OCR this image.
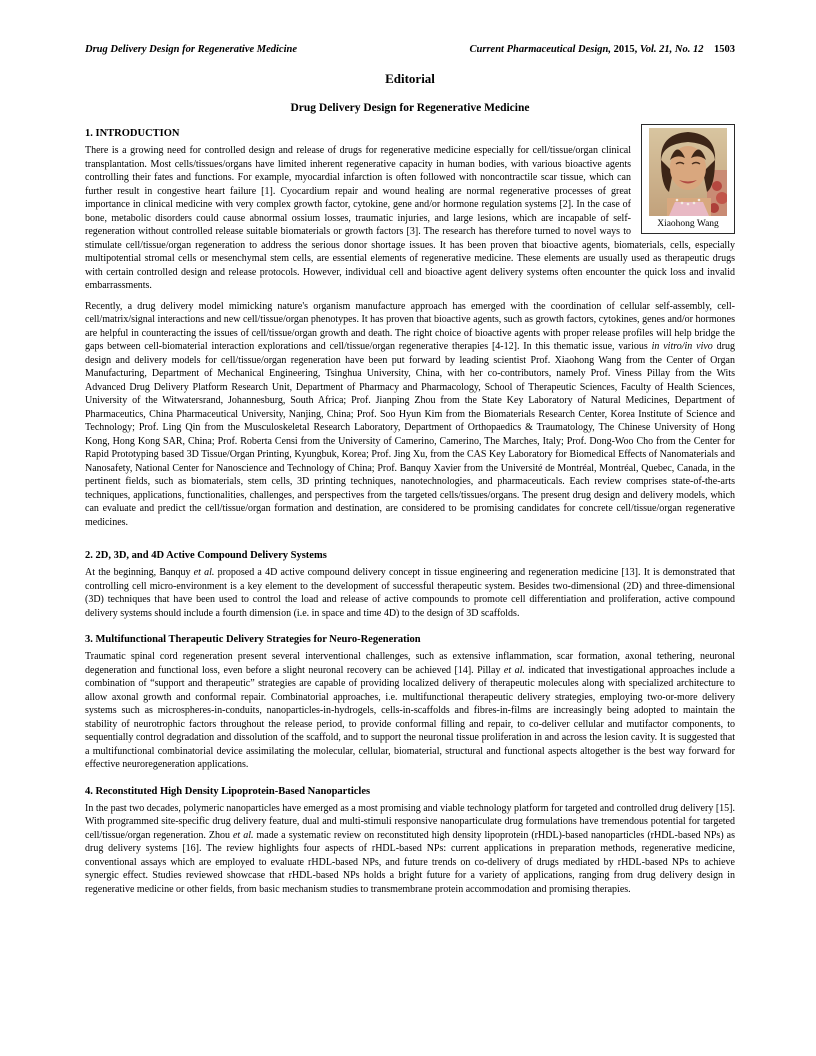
Drug Delivery Design for Regenerative Medicine	Current Pharmaceutical Design, 2015, Vol. 21, No. 12    1503
Editorial
Drug Delivery Design for Regenerative Medicine
Xiaohong Wang
1. INTRODUCTION

There is a growing need for controlled design and release of drugs for regenerative medicine especially for cell/tissue/organ clinical transplantation. Most cells/tissues/organs have limited inherent regenerative capacity in human bodies, with various bioactive agents controlling their fates and functions. For example, myocardial infarction is often followed with noncontractile scar tissue, which can further result in congestive heart failure [1]. Cyocardium repair and wound healing are normal regenerative processes of great importance in clinical medicine with very complex growth factor, cytokine, gene and/or hormone regulation systems [2]. In the case of bone, metabolic disorders could cause abnormal ossium losses, traumatic injuries, and large lesions, which are incapable of self-regeneration without controlled release suitable biomaterials or growth factors [3]. The research has therefore turned to novel ways to stimulate cell/tissue/organ regeneration to address the serious donor shortage issues. It has been proven that bioactive agents, biomaterials, cells, especially multipotential stromal cells or mesenchymal stem cells, are essential elements of regenerative medicine. These elements are usually used as therapeutic drugs with certain controlled design and release protocols. However, individual cell and bioactive agent delivery systems often encounter the quick loss and invalid embarrassments.

Recently, a drug delivery model mimicking nature's organism manufacture approach has emerged with the coordination of cellular self-assembly, cell-cell/matrix/signal interactions and new cell/tissue/organ phenotypes. It has proven that bioactive agents, such as growth factors, cytokines, genes and/or hormones are helpful in counteracting the issues of cell/tissue/organ growth and death. The right choice of bioactive agents with proper release profiles will help bridge the gaps between cell-biomaterial interaction explorations and cell/tissue/organ regenerative therapies [4-12]. In this thematic issue, various in vitro/in vivo drug design and delivery models for cell/tissue/organ regeneration have been put forward by leading scientist Prof. Xiaohong Wang from the Center of Organ Manufacturing, Department of Mechanical Engineering, Tsinghua University, China, with her co-contributors, namely Prof. Viness Pillay from the Wits Advanced Drug Delivery Platform Research Unit, Department of Pharmacy and Pharmacology, School of Therapeutic Sciences, Faculty of Health Sciences, University of the Witwatersrand, Johannesburg, South Africa; Prof. Jianping Zhou from the State Key Laboratory of Natural Medicines, Department of Pharmaceutics, China Pharmaceutical University, Nanjing, China; Prof. Soo Hyun Kim from the Biomaterials Research Center, Korea Institute of Science and Technology; Prof. Ling Qin from the Musculoskeletal Research Laboratory, Department of Orthopaedics & Traumatology, The Chinese University of Hong Kong, Hong Kong SAR, China; Prof. Roberta Censi from the University of Camerino, Camerino, The Marches, Italy; Prof. Dong-Woo Cho from the Center for Rapid Prototyping based 3D Tissue/Organ Printing, Kyungbuk, Korea; Prof. Jing Xu, from the CAS Key Laboratory for Biomedical Effects of Nanomaterials and Nanosafety, National Center for Nanoscience and Technology of China; Prof. Banquy Xavier from the Université de Montréal, Montréal, Quebec, Canada, in the pertinent fields, such as biomaterials, stem cells, 3D printing techniques, nanotechnologies, and pharmaceuticals. Each review comprises state-of-the-arts techniques, applications, functionalities, challenges, and perspectives from the targeted cells/tissues/organs. The present drug design and delivery models, which can evaluate and predict the cell/tissue/organ formation and destination, are considered to be promising candidates for concrete cell/tissue/organ regenerative medicines.

2. 2D, 3D, and 4D Active Compound Delivery Systems

At the beginning, Banquy et al. proposed a 4D active compound delivery concept in tissue engineering and regeneration medicine [13]. It is demonstrated that controlling cell micro-environment is a key element to the development of successful therapeutic system. Besides two-dimensional (2D) and three-dimensional (3D) techniques that have been used to control the load and release of active compounds to promote cell differentiation and proliferation, active compound delivery systems should include a fourth dimension (i.e. in space and time 4D) to the design of 3D scaffolds.

3. Multifunctional Therapeutic Delivery Strategies for Neuro-Regeneration

Traumatic spinal cord regeneration present several interventional challenges, such as extensive inflammation, scar formation, axonal tethering, neuronal degeneration and functional loss, even before a slight neuronal recovery can be achieved [14]. Pillay et al. indicated that investigational approaches include a combination of “support and therapeutic” strategies are capable of providing localized delivery of therapeutic molecules along with specialized architecture to allow axonal growth and conformal repair. Combinatorial approaches, i.e. multifunctional therapeutic delivery strategies, employing two-or-more delivery systems such as microspheres-in-conduits, nanoparticles-in-hydrogels, cells-in-scaffolds and fibres-in-films are increasingly being adopted to maintain the stability of neurotrophic factors throughout the release period, to provide conformal filling and repair, to co-deliver cellular and mutifactor components, to sequentially control degradation and dissolution of the scaffold, and to support the neuronal tissue proliferation in and across the lesion cavity. It is suggested that a multifunctional combinatorial device assimilating the molecular, cellular, biomaterial, structural and functional aspects altogether is the best way forward for effective neuroregeneration applications.

4. Reconstituted High Density Lipoprotein-Based Nanoparticles

In the past two decades, polymeric nanoparticles have emerged as a most promising and viable technology platform for targeted and controlled drug delivery [15]. With programmed site-specific drug delivery feature, dual and multi-stimuli responsive nanoparticulate drug formulations have tremendous potential for targeted cell/tissue/organ regeneration. Zhou et al. made a systematic review on reconstituted high density lipoprotein (rHDL)-based nanoparticles (rHDL-based NPs) as drug delivery systems [16]. The review highlights four aspects of rHDL-based NPs: current applications in preparation methods, regenerative medicine, conventional assays which are employed to evaluate rHDL-based NPs, and future trends on co-delivery of drugs mediated by rHDL-based NPs to achieve synergic effect. Studies reviewed showcase that rHDL-based NPs holds a bright future for a variety of applications, ranging from drug delivery design in regenerative medicine or other fields, from basic mechanism studies to transmembrane protein accommodation and promising therapies.
